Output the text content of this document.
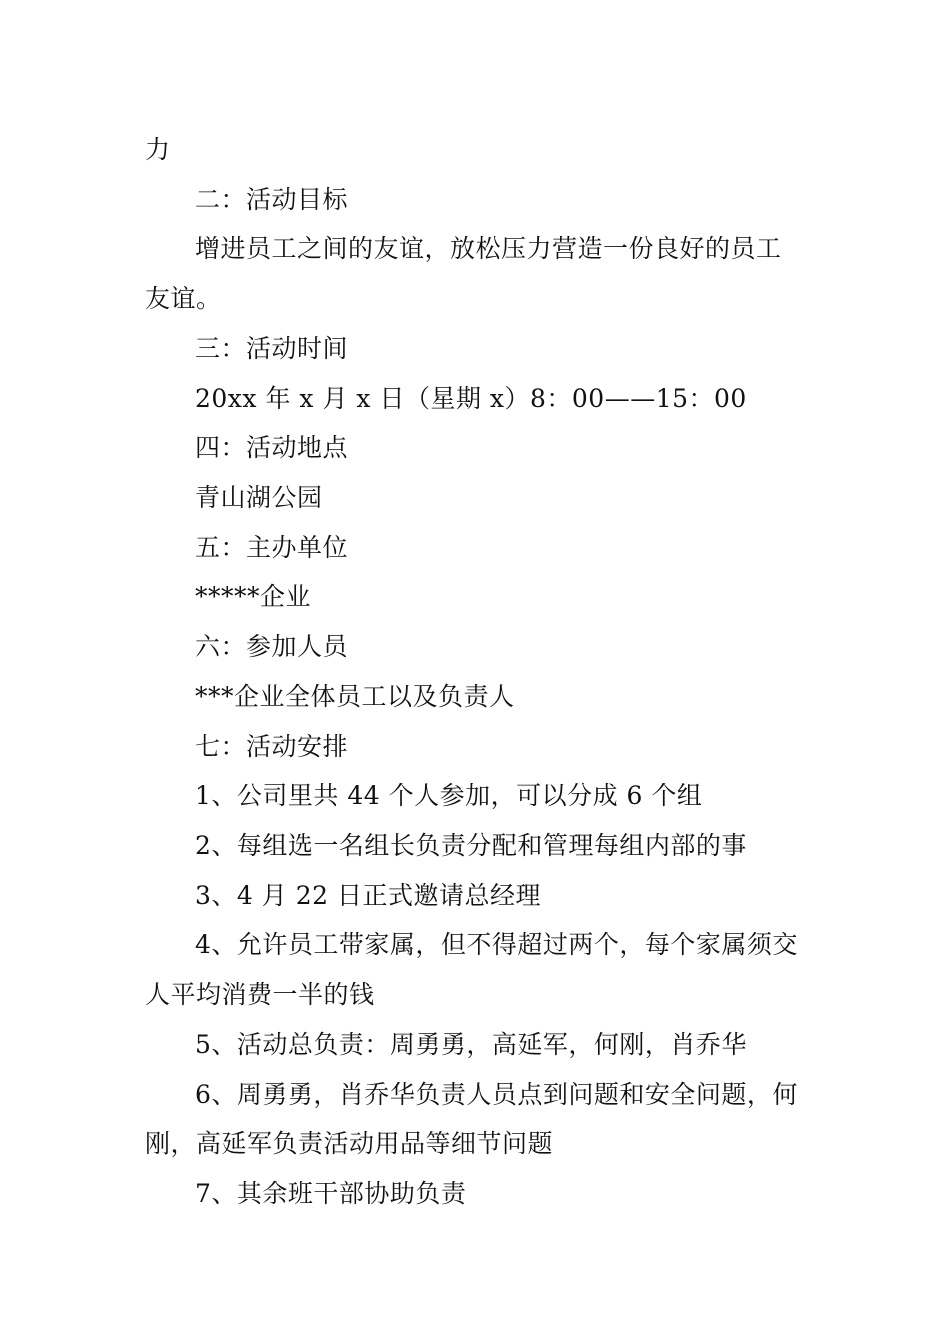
力
二：活动目标
增进员工之间的友谊，放松压力营造一份良好的员工
友谊。
三：活动时间
20xx 年 x 月 x 日（星期 x）8：00——15：00
四：活动地点
青山湖公园
五：主办单位
*****企业
六：参加人员
***企业全体员工以及负责人
七：活动安排
1、公司里共 44 个人参加，可以分成 6 个组
2、每组选一名组长负责分配和管理每组内部的事
3、4 月 22 日正式邀请总经理
4、允许员工带家属，但不得超过两个，每个家属须交
人平均消费一半的钱
5、活动总负责：周勇勇，高延军，何刚，肖乔华
6、周勇勇，肖乔华负责人员点到问题和安全问题，何
刚，高延军负责活动用品等细节问题
7、其余班干部协助负责
